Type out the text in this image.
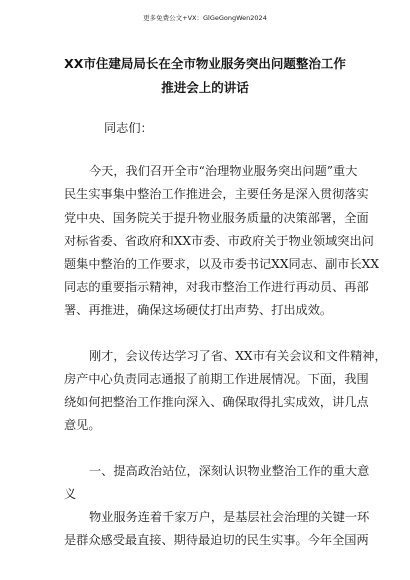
更多免费公文+VX：GlGeGongWen2024
XX市住建局局长在全市物业服务突出问题整治工作
推进会上的讲话
同志们：
今天，我们召开全市“治理物业服务突出问题”重大
民生实事集中整治工作推进会，主要任务是深入贯彻落实
党中央、国务院关于提升物业服务质量的决策部署，全面
对标省委、省政府和XX市委、市政府关于物业领域突出问
题集中整治的工作要求，以及市委书记XX同志、副市长XX
同志的重要指示精神，对我市整治工作进行再动员、再部
署、再推进，确保这场硬仗打出声势、打出成效。
刚才，会议传达学习了省、XX市有关会议和文件精神，
房产中心负责同志通报了前期工作进展情况。下面，我围
绕如何把整治工作推向深入、确保取得扎实成效，讲几点
意见。
一、提高政治站位，深刻认识物业整治工作的重大意
义
物业服务连着千家万户，是基层社会治理的关键一环
是群众感受最直接、期待最迫切的民生实事。今年全国两
